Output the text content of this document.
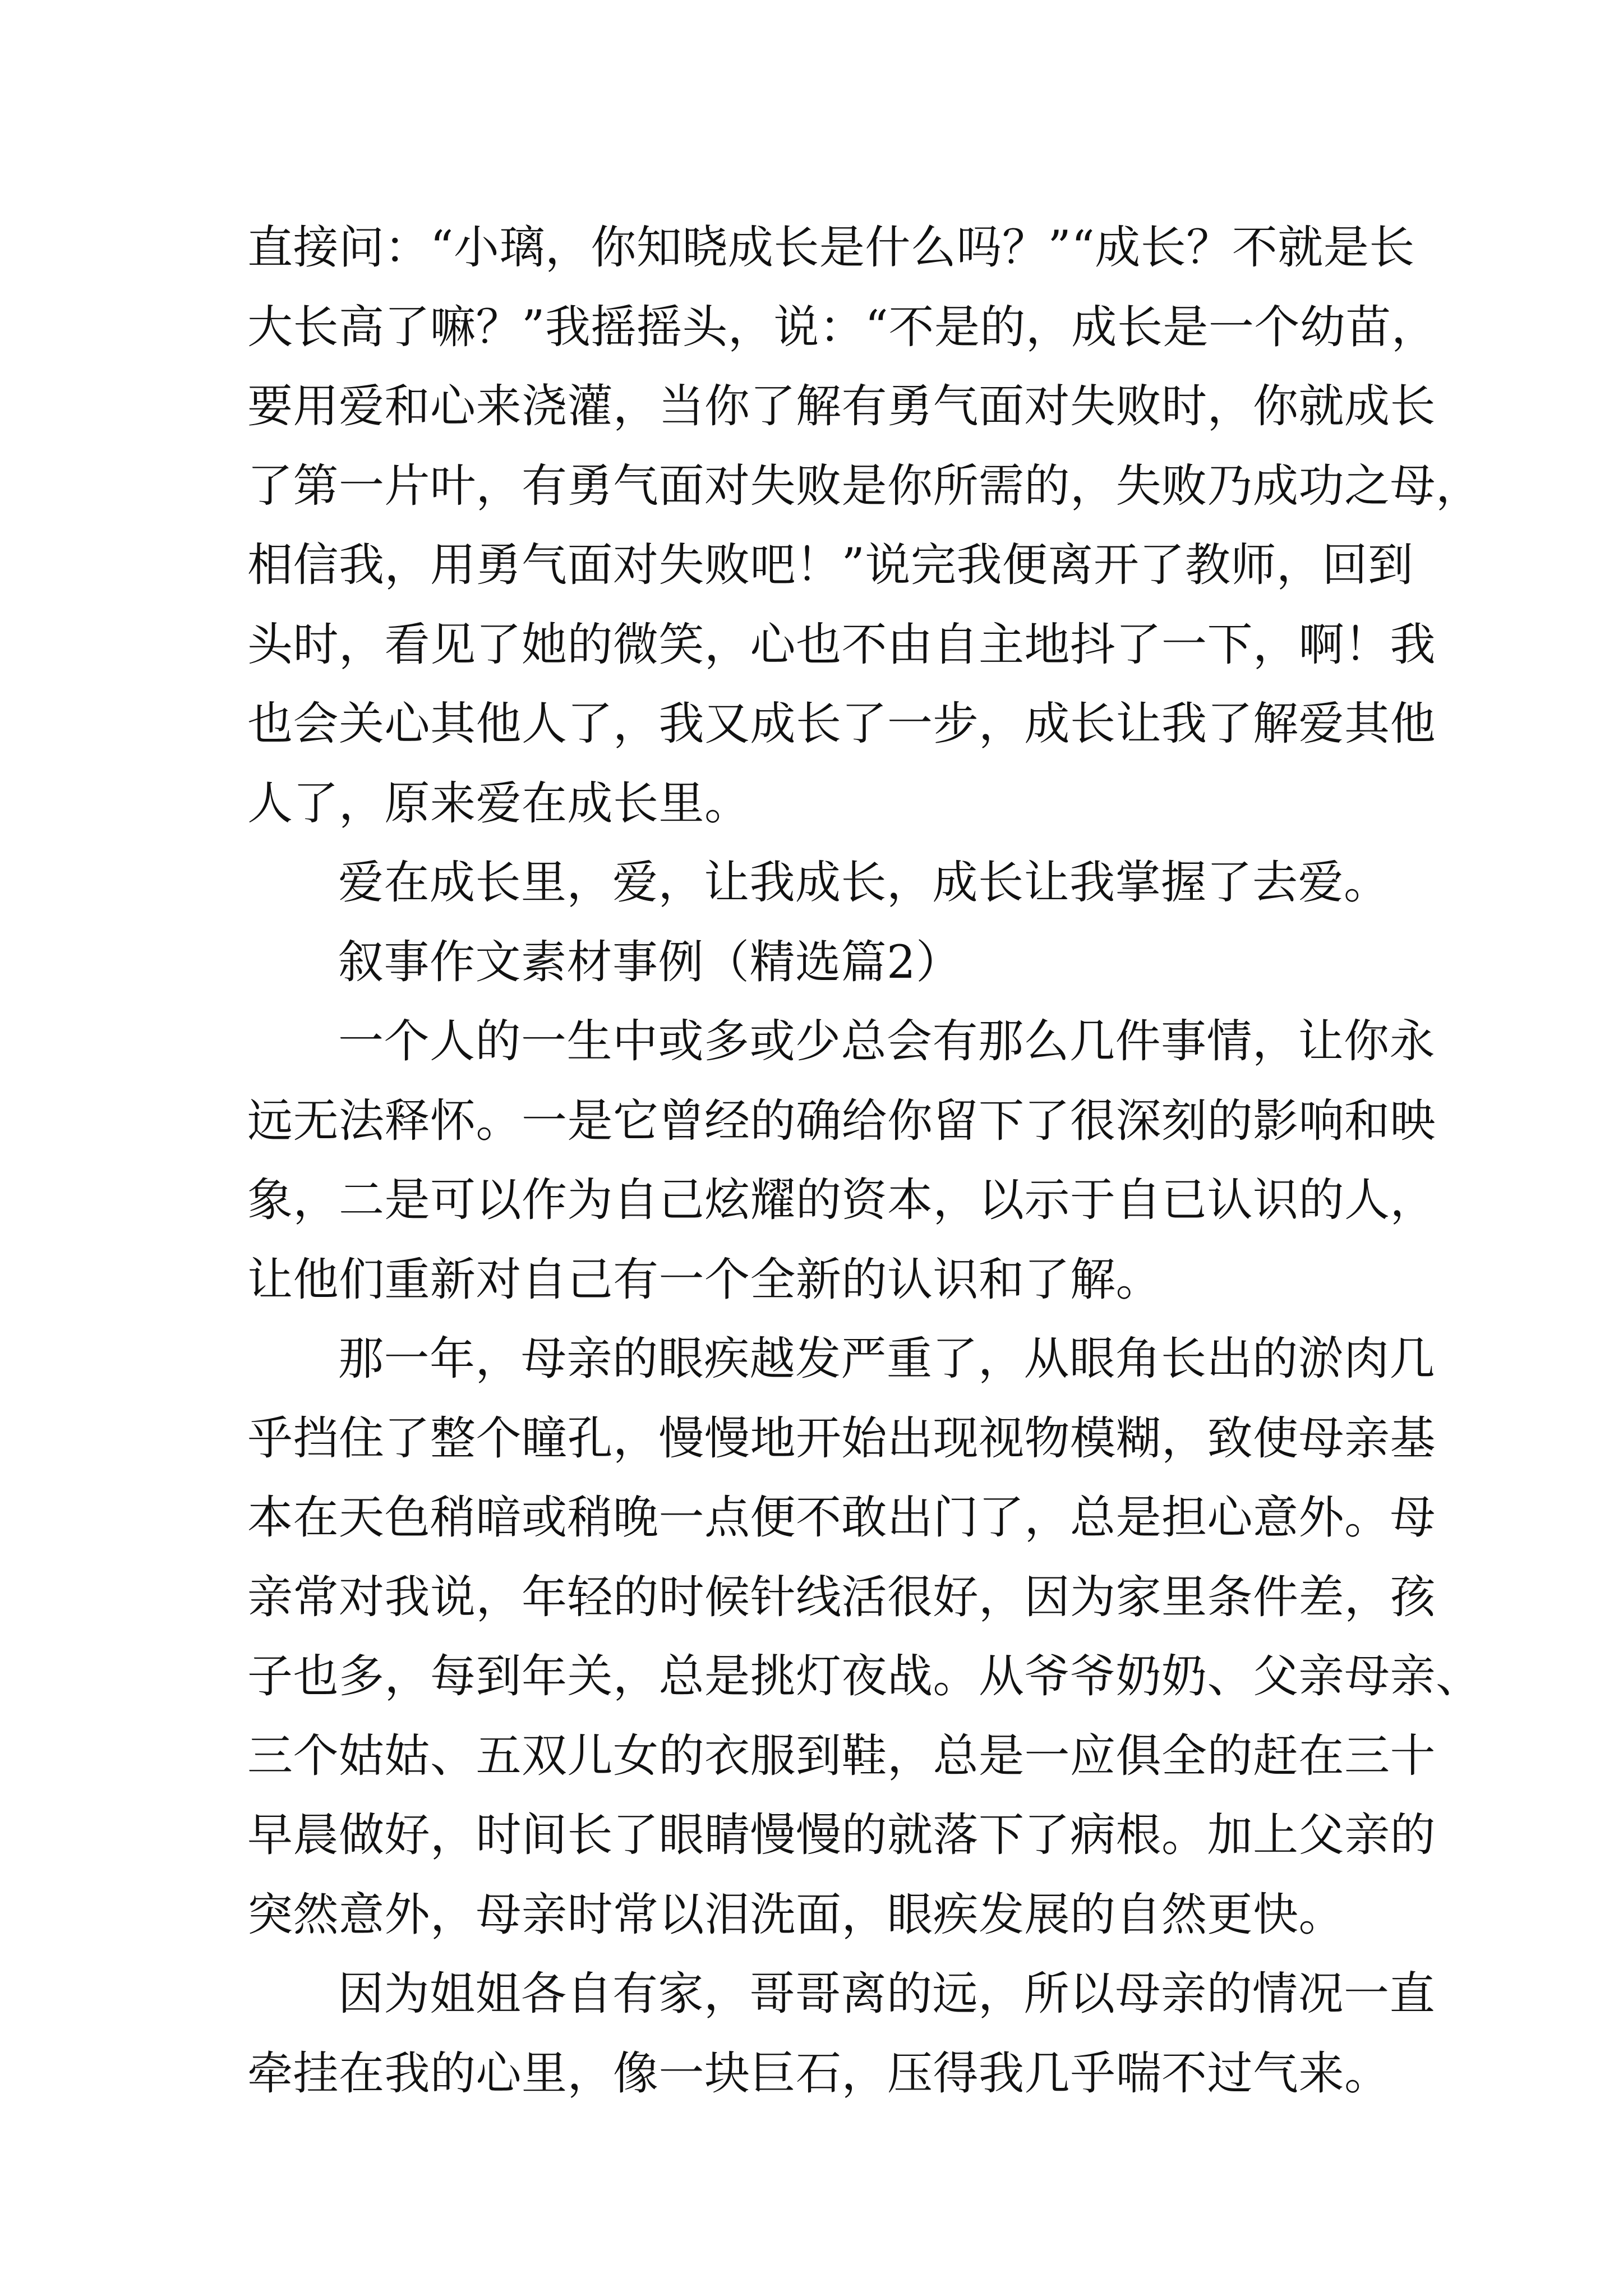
直接问：“小璃，你知晓成长是什么吗？”“成长？不就是长
大长高了嘛？”我摇摇头，说：“不是的，成长是一个幼苗，
要用爱和心来浇灌，当你了解有勇气面对失败时，你就成长
了第一片叶，有勇气面对失败是你所需的，失败乃成功之母，
相信我，用勇气面对失败吧！”说完我便离开了教师，回到
头时，看见了她的微笑，心也不由自主地抖了一下，啊！我
也会关心其他人了，我又成长了一步，成长让我了解爱其他
人了，原来爱在成长里。
爱在成长里，爱，让我成长，成长让我掌握了去爱。
叙事作文素材事例（精选篇2）
一个人的一生中或多或少总会有那么几件事情，让你永
远无法释怀。一是它曾经的确给你留下了很深刻的影响和映
象，二是可以作为自己炫耀的资本，以示于自已认识的人，
让他们重新对自己有一个全新的认识和了解。
那一年，母亲的眼疾越发严重了，从眼角长出的淤肉几
乎挡住了整个瞳孔，慢慢地开始出现视物模糊，致使母亲基
本在天色稍暗或稍晚一点便不敢出门了，总是担心意外。母
亲常对我说，年轻的时候针线活很好，因为家里条件差，孩
子也多，每到年关，总是挑灯夜战。从爷爷奶奶、父亲母亲、
三个姑姑、五双儿女的衣服到鞋，总是一应俱全的赶在三十
早晨做好，时间长了眼睛慢慢的就落下了病根。加上父亲的
突然意外，母亲时常以泪洗面，眼疾发展的自然更快。
因为姐姐各自有家，哥哥离的远，所以母亲的情况一直
牵挂在我的心里，像一块巨石，压得我几乎喘不过气来。
